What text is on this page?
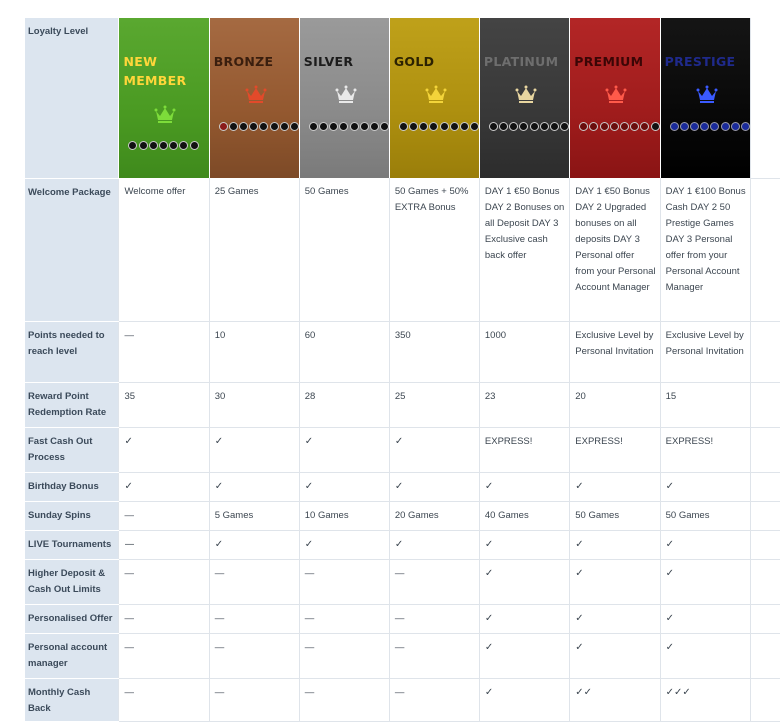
Loyalty Level	NEW MEMBER	BRONZE	SILVER	GOLD	PLATINUM	PREMIUM	PRESTIGE	

Welcome Package	Welcome offer	25 Games	50 Games	50 Games + 50% EXTRA Bonus	DAY 1 €50 Bonus DAY 2 Bonuses on all Deposit DAY 3 Exclusive cash back offer	DAY 1 €50 Bonus DAY 2 Upgraded bonuses on all deposits DAY 3 Personal offer from your Personal Account Manager	DAY 1 €100 Bonus Cash DAY 2 50 Prestige Games DAY 3 Personal offer from your Personal Account Manager	
Points needed to reach level	—	10	60	350	1000	Exclusive Level by Personal Invitation	Exclusive Level by Personal Invitation	
Reward Point Redemption Rate	35	30	28	25	23	20	15	
Fast Cash Out Process	✓	✓	✓	✓	EXPRESS!	EXPRESS!	EXPRESS!	
Birthday Bonus	✓	✓	✓	✓	✓	✓	✓	
Sunday Spins	—	5 Games	10 Games	20 Games	40 Games	50 Games	50 Games	
LIVE Tournaments	—	✓	✓	✓	✓	✓	✓	
Higher Deposit & Cash Out Limits	—	—	—	—	✓	✓	✓	
Personalised Offer	—	—	—	—	✓	✓	✓	
Personal account manager	—	—	—	—	✓	✓	✓	
Monthly Cash Back	—	—	—	—	✓	✓✓	✓✓✓	
